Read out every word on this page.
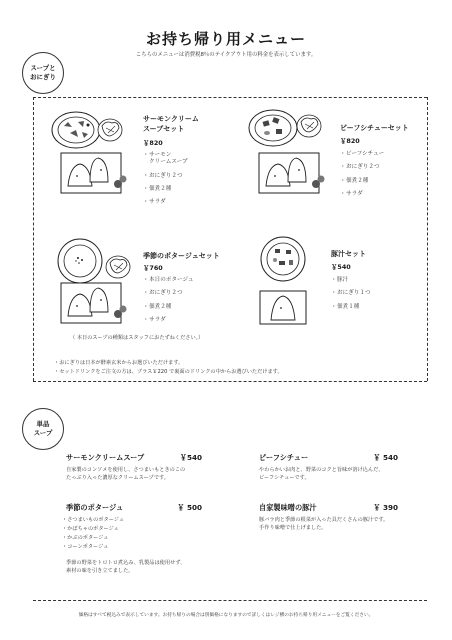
お持ち帰り用メニュー
こちらのメニューは消費税8％のテイクアウト用の料金を表示しています。
スープと
おにぎり
サーモンクリーム
スープセット
￥820
・ サーモン
クリームスープ
・ おにぎり２つ
・ 佃煮２種
・ サラダ
ビーフシチューセット
￥820
・ ビーフシチュー
・ おにぎり２つ
・ 佃煮２種
・ サラダ
季節のポタージュセット
￥760
・ 本日のポタージュ
・ おにぎり２つ
・ 佃煮２種
・ サラダ
豚汁セット
￥540
・ 豚汁
・ おにぎり１つ
・ 佃煮１種
（ 本日のスープの種類はスタッフにおたずねください。）
・おにぎりは日本が酵素玄米からお選びいただけます。
・セットドリンクをご注文の方は、プラス￥220 で裏面のドリンクの中からお選びいただけます。
単品
スープ
サーモンクリームスープ	￥540
自家製のコンソメを使用し、さつまいもときのこの
たっぷり入った濃厚なクリームスープです。
ビーフシチュー	￥ 540
やわらかいお肉と、野菜のコクと旨味が溶け込んだ、
ビーフシチューです。
季節のポタージュ	￥ 500
・さつまいものポタージュ
・かぼちゃのポタージュ
・かぶのポタージュ
・コーンポタージュ
季節の野菜をトロトロ煮込み、乳製品は使用せず、
素材の味を引き立てました。
自家製味噌の豚汁	￥ 390
豚バラ肉と季節の根菜が入った具だくさんの豚汁です。
手作り味噌で仕上げました。
価格はすべて税込みで表示しています。お持ち帰りの場合は別価格になりますので詳しくはレジ横のお持ち帰り用メニューをご覧ください。
